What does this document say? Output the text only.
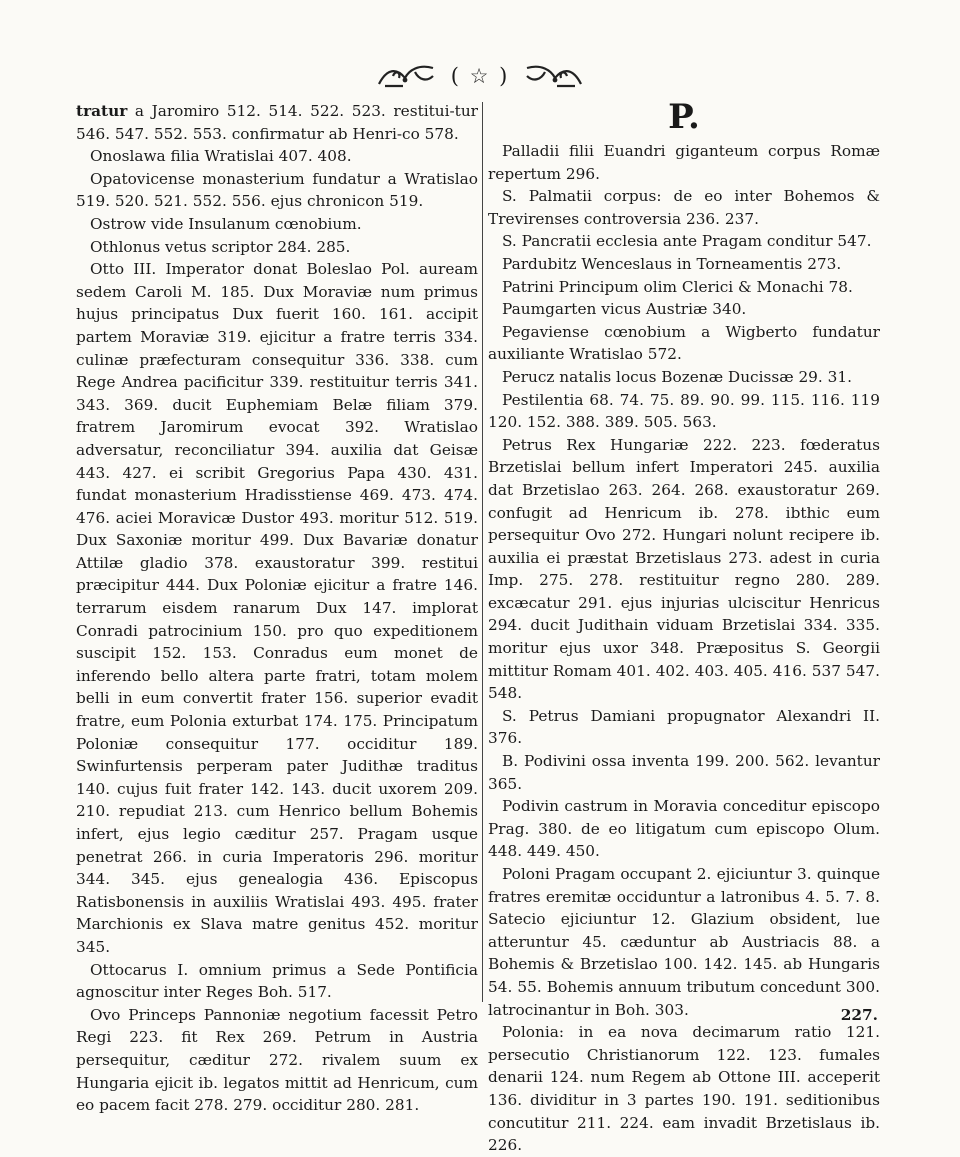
( ☆ )

tratur a Jaromiro 512. 514. 522. 523. restitui-tur 546. 547. 552. 553. confirmatur ab Henri-co 578.

Onoslawa filia Wratislai 407. 408.

Opatovicense monasterium fundatur a Wratislao 519. 520. 521. 552. 556. ejus chronicon 519.

Ostrow vide Insulanum cœnobium.

Othlonus vetus scriptor 284. 285.

Otto III. Imperator donat Boleslao Pol. auream sedem Caroli M. 185. Dux Moraviæ num primus hujus principatus Dux fuerit 160. 161. accipit partem Moraviæ 319. ejicitur a fratre terris 334. culinæ præfecturam consequitur 336. 338. cum Rege Andrea pacificitur 339. restituitur terris 341. 343. 369. ducit Euphemiam Belæ filiam 379. fratrem Jaromirum evocat 392. Wratislao adversatur, reconciliatur 394. auxilia dat Geisæ 443. 427. ei scribit Gregorius Papa 430. 431. fundat monasterium Hradisstiense 469. 473. 474. 476. aciei Moravicæ Dustor 493. moritur 512. 519. Dux Saxoniæ moritur 499. Dux Bavariæ donatur Attilæ gladio 378. exaustoratur 399. restitui præcipitur 444. Dux Poloniæ ejicitur a fratre 146. terrarum eisdem ranarum Dux 147. implorat Conradi patrocinium 150. pro quo expeditionem suscipit 152. 153. Conradus eum monet de inferendo bello altera parte fratri, totam molem belli in eum convertit frater 156. superior evadit fratre, eum Polonia exturbat 174. 175. Principatum Poloniæ consequitur 177. occiditur 189. Swinfurtensis perperam pater Judithæ traditus 140. cujus fuit frater 142. 143. ducit uxorem 209. 210. repudiat 213. cum Henrico bellum Bohemis infert, ejus legio cæditur 257. Pragam usque penetrat 266. in curia Imperatoris 296. moritur 344. 345. ejus genealogia 436. Episcopus Ratisbonensis in auxiliis Wratislai 493. 495. frater Marchionis ex Slava matre genitus 452. moritur 345.

Ottocarus I. omnium primus a Sede Pontificia agnoscitur inter Reges Boh. 517.

Ovo Princeps Pannoniæ negotium facessit Petro Regi 223. fit Rex 269. Petrum in Austria persequitur, cæditur 272. rivalem suum ex Hungaria ejicit ib. legatos mittit ad Henricum, cum eo pacem facit 278. 279. occiditur 280. 281.

P.

Palladii filii Euandri giganteum corpus Romæ repertum 296.

S. Palmatii corpus: de eo inter Bohemos & Trevirenses controversia 236. 237.

S. Pancratii ecclesia ante Pragam conditur 547.

Pardubitz Wenceslaus in Torneamentis 273.

Patrini Principum olim Clerici & Monachi 78.

Paumgarten vicus Austriæ 340.

Pegaviense cœnobium a Wigberto fundatur auxiliante Wratislao 572.

Perucz natalis locus Bozenæ Ducissæ 29. 31.

Pestilentia 68. 74. 75. 89. 90. 99. 115. 116. 119 120. 152. 388. 389. 505. 563.

Petrus Rex Hungariæ 222. 223. fœderatus Brzetislai bellum infert Imperatori 245. auxilia dat Brzetislao 263. 264. 268. exaustoratur 269. confugit ad Henricum ib. 278. ibthic eum persequitur Ovo 272. Hungari nolunt recipere ib. auxilia ei præstat Brzetislaus 273. adest in curia Imp. 275. 278. restituitur regno 280. 289. excæcatur 291. ejus injurias ulciscitur Henricus 294. ducit Judithain viduam Brzetislai 334. 335. moritur ejus uxor 348. Præpositus S. Georgii mittitur Romam 401. 402. 403. 405. 416. 537 547. 548.

S. Petrus Damiani propugnator Alexandri II. 376.

B. Podivini ossa inventa 199. 200. 562. levantur 365.

Podivin castrum in Moravia conceditur episcopo Prag. 380. de eo litigatum cum episcopo Olum. 448. 449. 450.

Poloni Pragam occupant 2. ejiciuntur 3. quinque fratres eremitæ occiduntur a latronibus 4. 5. 7. 8. Satecio ejiciuntur 12. Glazium obsident, lue atteruntur 45. cæduntur ab Austriacis 88. a Bohemis & Brzetislao 100. 142. 145. ab Hungaris 54. 55. Bohemis annuum tributum concedunt 300. latrocinantur in Boh. 303.

Polonia: in ea nova decimarum ratio 121. persecutio Christianorum 122. 123. fumales denarii 124. num Regem ab Ottone III. acceperit 136. dividitur in 3 partes 190. 191. seditionibus concutitur 211. 224. eam invadit Brzetislaus ib. 226.

227.
